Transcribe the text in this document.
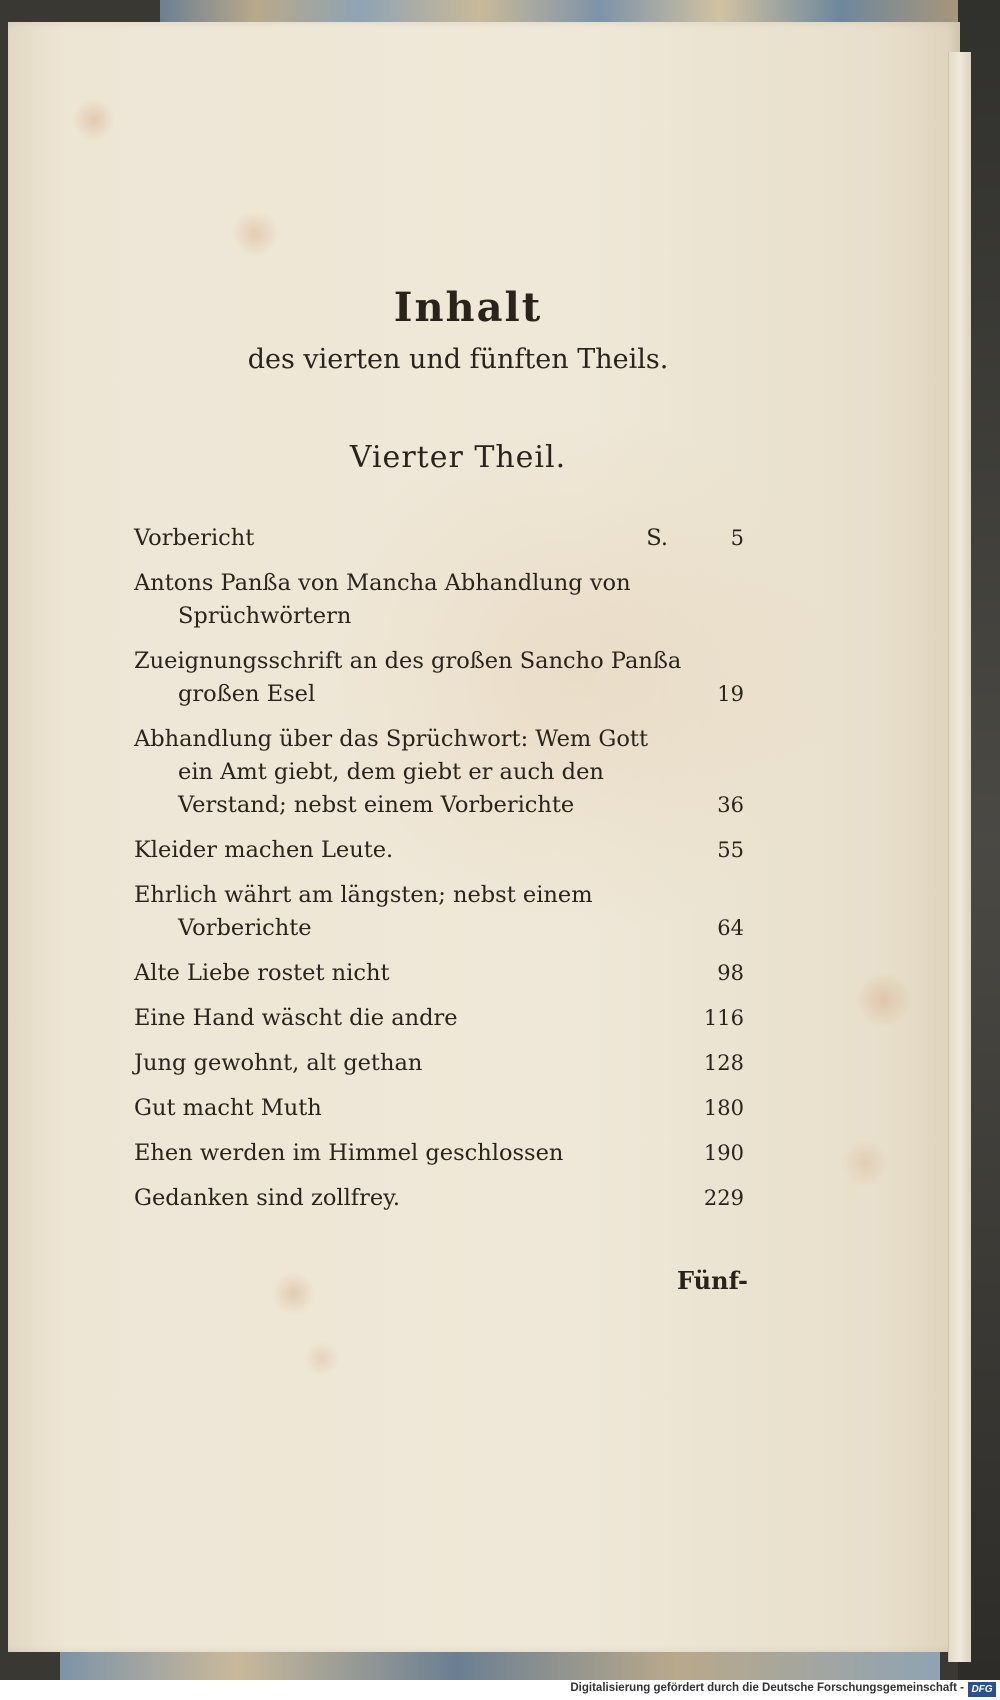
Inhalt
des vierten und fünften Theils.
Vierter Theil.
Vorbericht	S.	5
Antons Panßa von Mancha Abhandlung von Sprüchwörtern
Zueignungsschrift an des großen Sancho Panßa großen Esel	19
Abhandlung über das Sprüchwort: Wem Gott ein Amt giebt, dem giebt er auch den Verstand; nebst einem Vorberichte	36
Kleider machen Leute.	55
Ehrlich währt am längsten; nebst einem Vorberichte	64
Alte Liebe rostet nicht	98
Eine Hand wäscht die andre	116
Jung gewohnt, alt gethan	128
Gut macht Muth	180
Ehen werden im Himmel geschlossen	190
Gedanken sind zollfrey.	229
Fünf-
Digitalisierung gefördert durch die Deutsche Forschungsgemeinschaft - DFG
